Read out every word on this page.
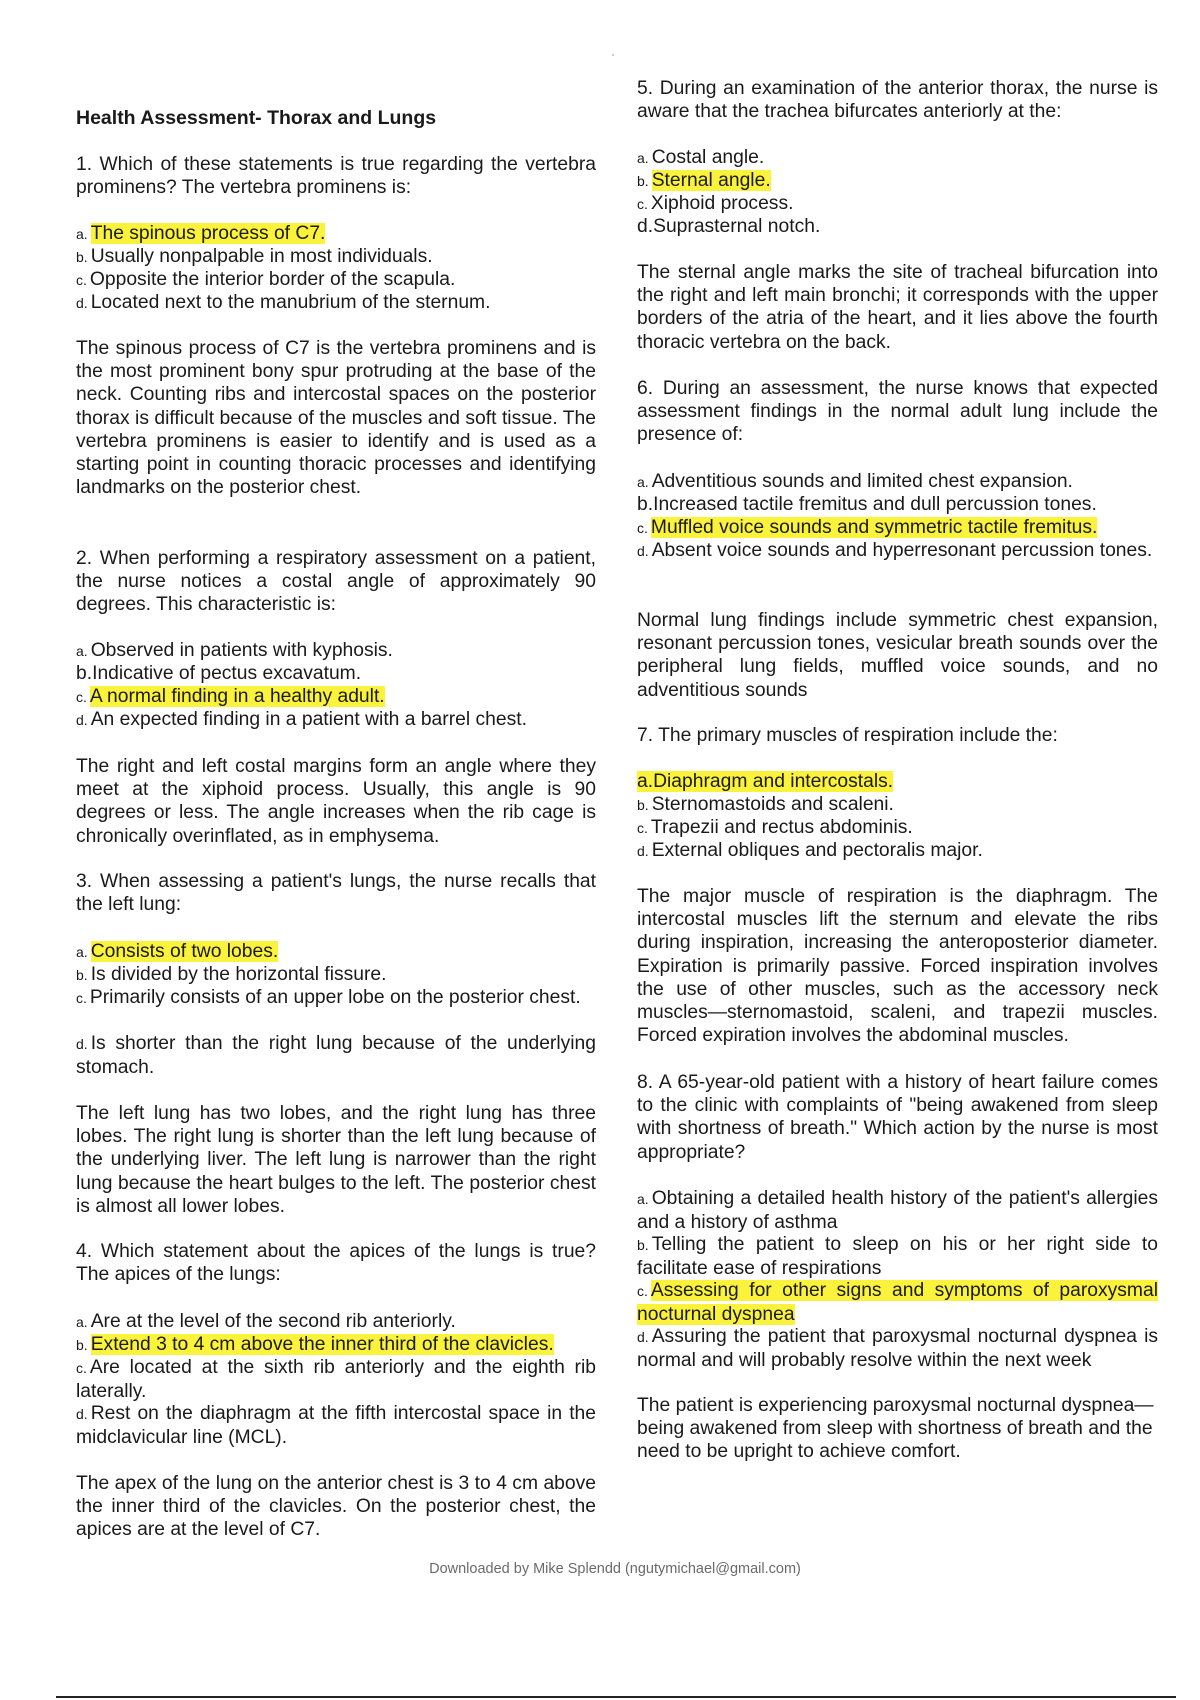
Health Assessment- Thorax and Lungs

1. Which of these statements is true regarding the vertebra prominens? The vertebra prominens is:

a. The spinous process of C7.

b. Usually nonpalpable in most individuals.

c. Opposite the interior border of the scapula.

d. Located next to the manubrium of the sternum.

The spinous process of C7 is the vertebra prominens and is the most prominent bony spur protruding at the base of the neck. Counting ribs and intercostal spaces on the posterior thorax is difficult because of the muscles and soft tissue. The vertebra prominens is easier to identify and is used as a starting point in counting thoracic processes and identifying landmarks on the posterior chest.

2. When performing a respiratory assessment on a patient, the nurse notices a costal angle of approximately 90 degrees. This characteristic is:

a. Observed in patients with kyphosis.

b.Indicative of pectus excavatum.

c. A normal finding in a healthy adult.

d. An expected finding in a patient with a barrel chest.

The right and left costal margins form an angle where they meet at the xiphoid process. Usually, this angle is 90 degrees or less. The angle increases when the rib cage is chronically overinflated, as in emphysema.

3. When assessing a patient's lungs, the nurse recalls that the left lung:

a. Consists of two lobes.

b. Is divided by the horizontal fissure.

c. Primarily consists of an upper lobe on the posterior chest.

d. Is shorter than the right lung because of the underlying stomach.

The left lung has two lobes, and the right lung has three lobes. The right lung is shorter than the left lung because of the underlying liver. The left lung is narrower than the right lung because the heart bulges to the left. The posterior chest is almost all lower lobes.

4. Which statement about the apices of the lungs is true? The apices of the lungs:

a. Are at the level of the second rib anteriorly.

b. Extend 3 to 4 cm above the inner third of the clavicles.

c. Are located at the sixth rib anteriorly and the eighth rib laterally.

d. Rest on the diaphragm at the fifth intercostal space in the midclavicular line (MCL).

The apex of the lung on the anterior chest is 3 to 4 cm above the inner third of the clavicles. On the posterior chest, the apices are at the level of C7.

5. During an examination of the anterior thorax, the nurse is aware that the trachea bifurcates anteriorly at the:

a. Costal angle.

b. Sternal angle.

c. Xiphoid process.

d.Suprasternal notch.

The sternal angle marks the site of tracheal bifurcation into the right and left main bronchi; it corresponds with the upper borders of the atria of the heart, and it lies above the fourth thoracic vertebra on the back.

6. During an assessment, the nurse knows that expected assessment findings in the normal adult lung include the presence of:

a. Adventitious sounds and limited chest expansion.

b.Increased tactile fremitus and dull percussion tones.

c. Muffled voice sounds and symmetric tactile fremitus.

d. Absent voice sounds and hyperresonant percussion tones.

Normal lung findings include symmetric chest expansion, resonant percussion tones, vesicular breath sounds over the peripheral lung fields, muffled voice sounds, and no adventitious sounds

7. The primary muscles of respiration include the:

a.Diaphragm and intercostals.

b. Sternomastoids and scaleni.

c. Trapezii and rectus abdominis.

d. External obliques and pectoralis major.

The major muscle of respiration is the diaphragm. The intercostal muscles lift the sternum and elevate the ribs during inspiration, increasing the anteroposterior diameter. Expiration is primarily passive. Forced inspiration involves the use of other muscles, such as the accessory neck muscles—sternomastoid, scaleni, and trapezii muscles. Forced expiration involves the abdominal muscles.

8. A 65-year-old patient with a history of heart failure comes to the clinic with complaints of "being awakened from sleep with shortness of breath." Which action by the nurse is most appropriate?

a. Obtaining a detailed health history of the patient's allergies and a history of asthma

b. Telling the patient to sleep on his or her right side to facilitate ease of respirations

c. Assessing for other signs and symptoms of paroxysmal nocturnal dyspnea

d. Assuring the patient that paroxysmal nocturnal dyspnea is normal and will probably resolve within the next week

The patient is experiencing paroxysmal nocturnal dyspnea—being awakened from sleep with shortness of breath and the need to be upright to achieve comfort.

Downloaded by Mike Splendd (ngutymichael@gmail.com)
